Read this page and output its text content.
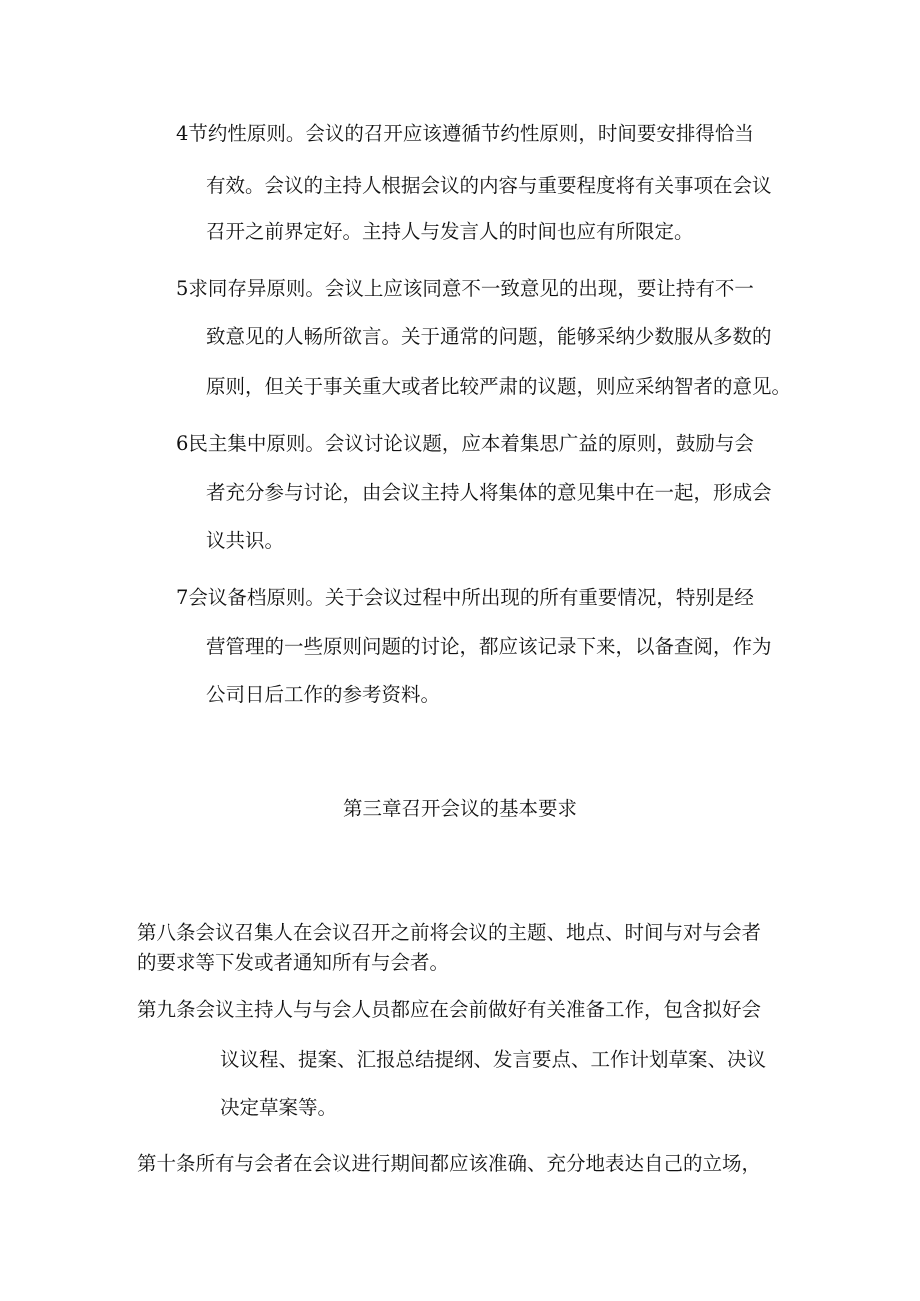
4节约性原则。会议的召开应该遵循节约性原则，时间要安排得恰当
有效。会议的主持人根据会议的内容与重要程度将有关事项在会议
召开之前界定好。主持人与发言人的时间也应有所限定。
5求同存异原则。会议上应该同意不一致意见的出现，要让持有不一
致意见的人畅所欲言。关于通常的问题，能够采纳少数服从多数的
原则，但关于事关重大或者比较严肃的议题，则应采纳智者的意见。
6民主集中原则。会议讨论议题，应本着集思广益的原则，鼓励与会
者充分参与讨论，由会议主持人将集体的意见集中在一起，形成会
议共识。
7会议备档原则。关于会议过程中所出现的所有重要情况，特别是经
营管理的一些原则问题的讨论，都应该记录下来，以备查阅，作为
公司日后工作的参考资料。
第三章召开会议的基本要求
第八条会议召集人在会议召开之前将会议的主题、地点、时间与对与会者
的要求等下发或者通知所有与会者。
第九条会议主持人与与会人员都应在会前做好有关准备工作，包含拟好会
议议程、提案、汇报总结提纲、发言要点、工作计划草案、决议
决定草案等。
第十条所有与会者在会议进行期间都应该准确、充分地表达自己的立场，
